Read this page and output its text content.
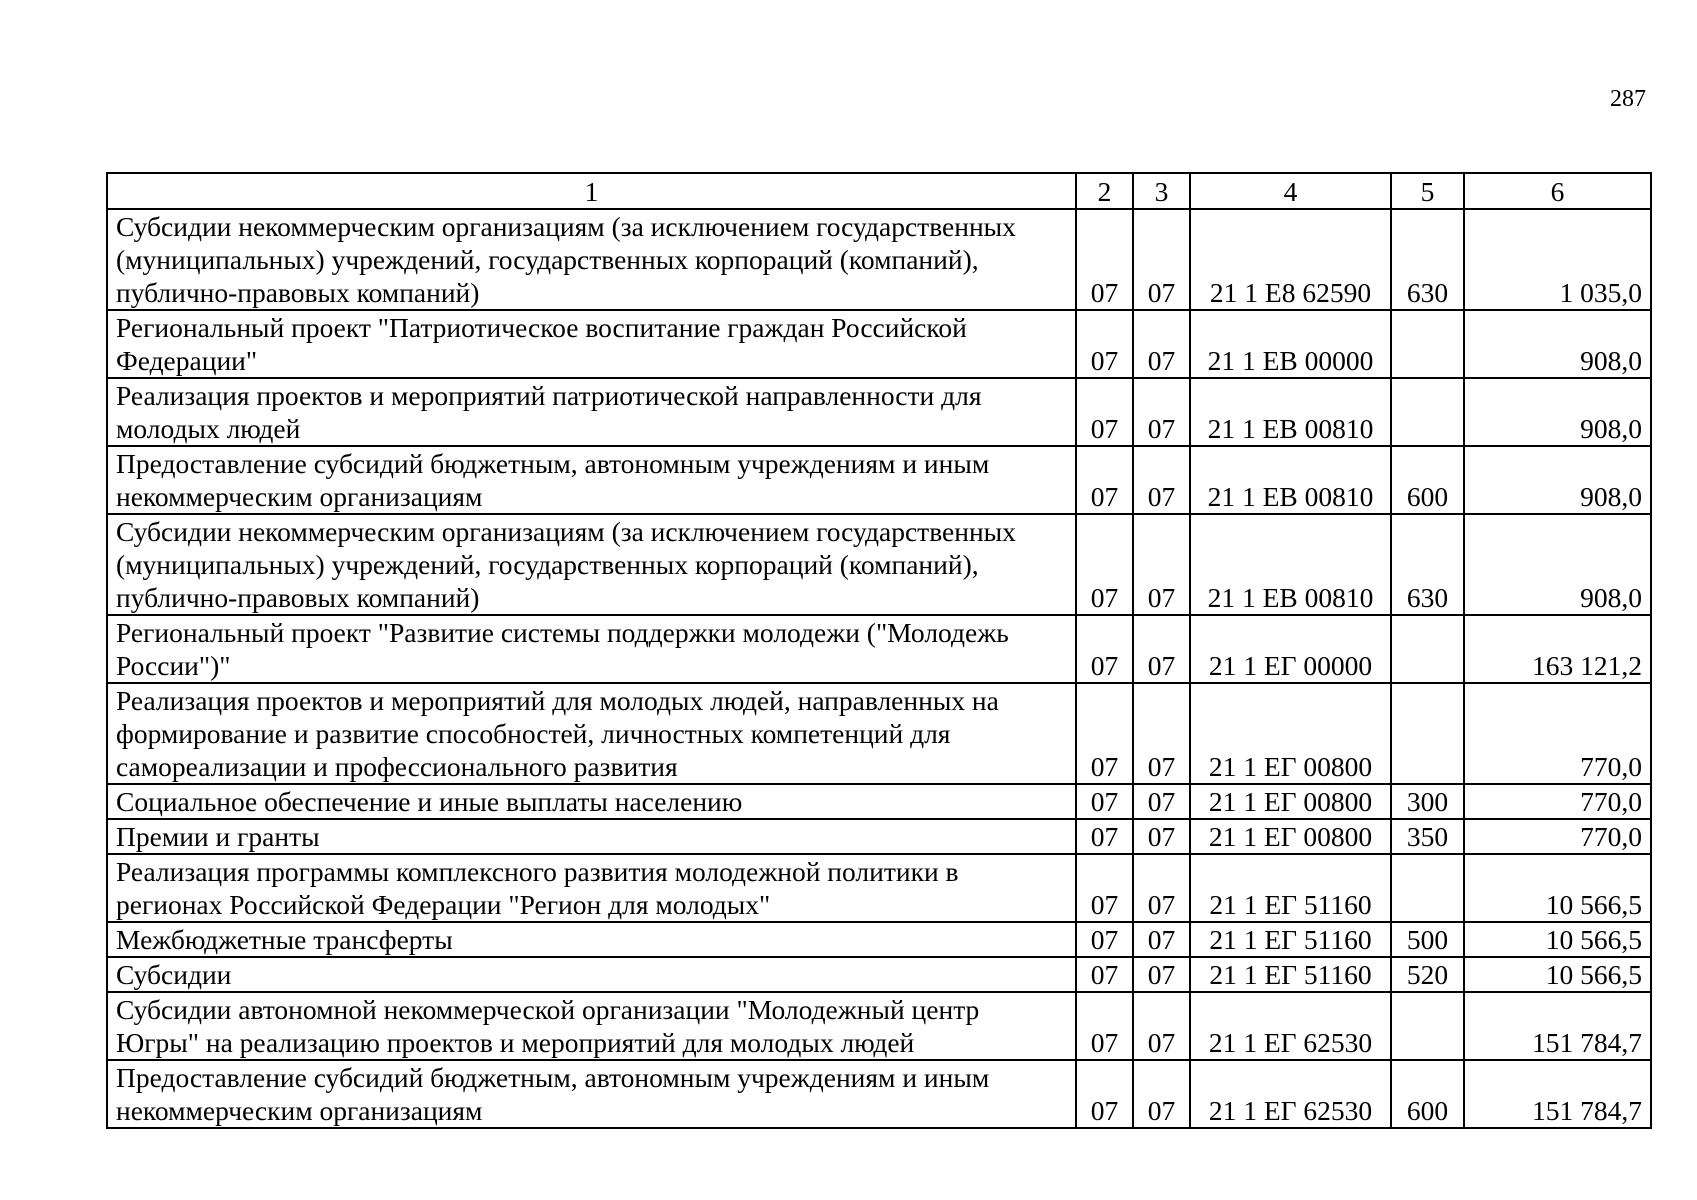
287
1	2	3	4	5	6
Субсидии некоммерческим организациям (за исключением государственных
(муниципальных) учреждений, государственных корпораций (компаний),
публично-правовых компаний)	07	07	21 1 E8 62590	630	1 035,0
Региональный проект "Патриотическое воспитание граждан Российской
Федерации"	07	07	21 1 EB 00000		908,0
Реализация проектов и мероприятий патриотической направленности для
молодых людей	07	07	21 1 EB 00810		908,0
Предоставление субсидий бюджетным, автономным учреждениям и иным
некоммерческим организациям	07	07	21 1 EB 00810	600	908,0
Субсидии некоммерческим организациям (за исключением государственных
(муниципальных) учреждений, государственных корпораций (компаний),
публично-правовых компаний)	07	07	21 1 EB 00810	630	908,0
Региональный проект "Развитие системы поддержки молодежи ("Молодежь
России")"	07	07	21 1 ЕГ 00000		163 121,2
Реализация проектов и мероприятий для молодых людей, направленных на
формирование и развитие способностей, личностных компетенций для
самореализации и профессионального развития	07	07	21 1 ЕГ 00800		770,0
Социальное обеспечение и иные выплаты населению	07	07	21 1 ЕГ 00800	300	770,0
Премии и гранты	07	07	21 1 ЕГ 00800	350	770,0
Реализация программы комплексного развития молодежной политики в
регионах Российской Федерации "Регион для молодых"	07	07	21 1 ЕГ 51160		10 566,5
Межбюджетные трансферты	07	07	21 1 ЕГ 51160	500	10 566,5
Субсидии	07	07	21 1 ЕГ 51160	520	10 566,5
Субсидии автономной некоммерческой организации "Молодежный центр
Югры" на реализацию проектов и мероприятий для молодых людей	07	07	21 1 ЕГ 62530		151 784,7
Предоставление субсидий бюджетным, автономным учреждениям и иным
некоммерческим организациям	07	07	21 1 ЕГ 62530	600	151 784,7
